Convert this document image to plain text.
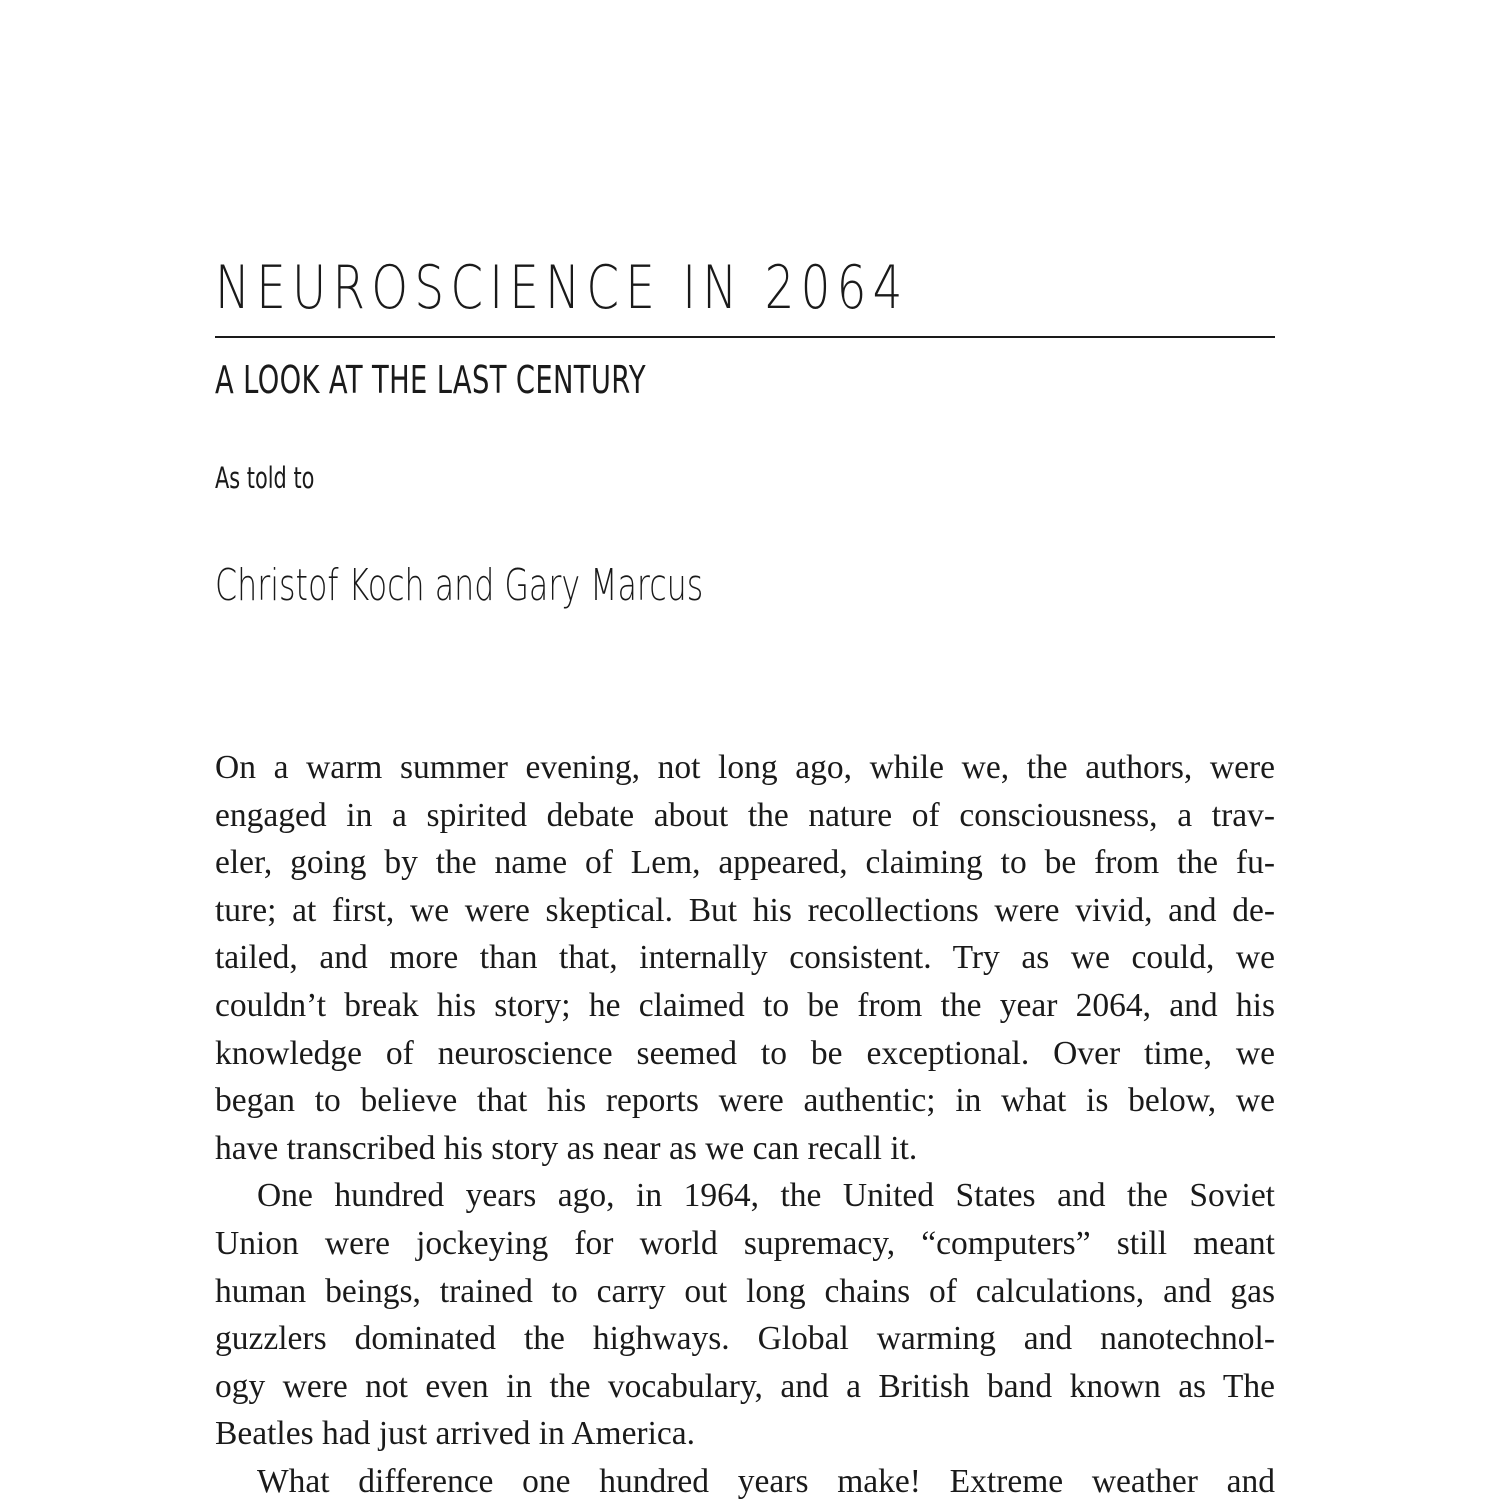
NEUROSCIENCE IN 2064
A LOOK AT THE LAST CENTURY
As told to
Christof Koch and Gary Marcus

On a warm summer evening, not long ago, while we, the authors, were
engaged in a spirited debate about the nature of consciousness, a trav-
eler, going by the name of Lem, appeared, claiming to be from the fu-
ture; at first, we were skeptical. But his recollections were vivid, and de-
tailed, and more than that, internally consistent. Try as we could, we
couldn’t break his story; he claimed to be from the year 2064, and his
knowledge of neuroscience seemed to be exceptional. Over time, we
began to believe that his reports were authentic; in what is below, we
have transcribed his story as near as we can recall it.

One hundred years ago, in 1964, the United States and the Soviet
Union were jockeying for world supremacy, “computers” still meant
human beings, trained to carry out long chains of calculations, and gas
guzzlers dominated the highways. Global warming and nanotechnol-
ogy were not even in the vocabulary, and a British band known as The
Beatles had just arrived in America.

What difference one hundred years make! Extreme weather and
